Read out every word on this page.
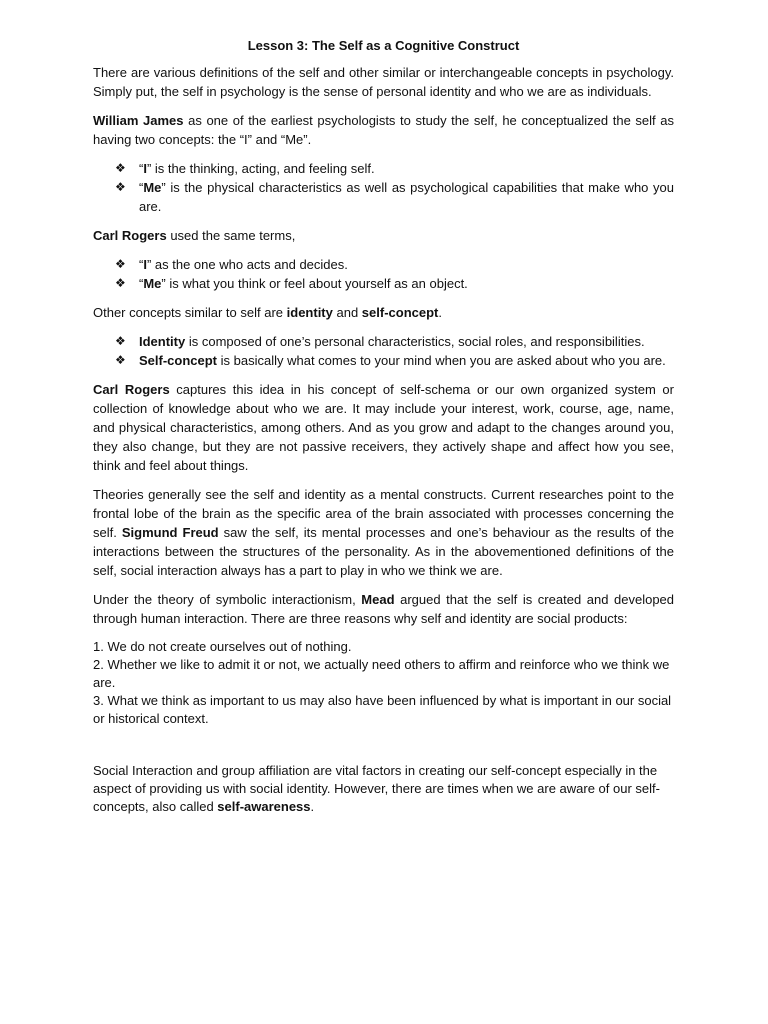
Lesson 3: The Self as a Cognitive Construct

There are various definitions of the self and other similar or interchangeable concepts in psychology. Simply put, the self in psychology is the sense of personal identity and who we are as individuals.

William James as one of the earliest psychologists to study the self, he conceptualized the self as having two concepts: the “I” and “Me”.

❖ “I” is the thinking, acting, and feeling self.
❖ “Me” is the physical characteristics as well as psychological capabilities that make who you are.

Carl Rogers used the same terms,

❖ “I” as the one who acts and decides.
❖ “Me” is what you think or feel about yourself as an object.

Other concepts similar to self are identity and self-concept.

❖ Identity is composed of one’s personal characteristics, social roles, and responsibilities.
❖ Self-concept is basically what comes to your mind when you are asked about who you are.

Carl Rogers captures this idea in his concept of self-schema or our own organized system or collection of knowledge about who we are. It may include your interest, work, course, age, name, and physical characteristics, among others. And as you grow and adapt to the changes around you, they also change, but they are not passive receivers, they actively shape and affect how you see, think and feel about things.

Theories generally see the self and identity as a mental constructs. Current researches point to the frontal lobe of the brain as the specific area of the brain associated with processes concerning the self. Sigmund Freud saw the self, its mental processes and one’s behaviour as the results of the interactions between the structures of the personality. As in the abovementioned definitions of the self, social interaction always has a part to play in who we think we are.

Under the theory of symbolic interactionism, Mead argued that the self is created and developed through human interaction. There are three reasons why self and identity are social products:

1. We do not create ourselves out of nothing.
2. Whether we like to admit it or not, we actually need others to affirm and reinforce who we think we are.
3. What we think as important to us may also have been influenced by what is important in our social or historical context.
Social Interaction and group affiliation are vital factors in creating our self-concept especially in the aspect of providing us with social identity. However, there are times when we are aware of our self-concepts, also called self-awareness.
